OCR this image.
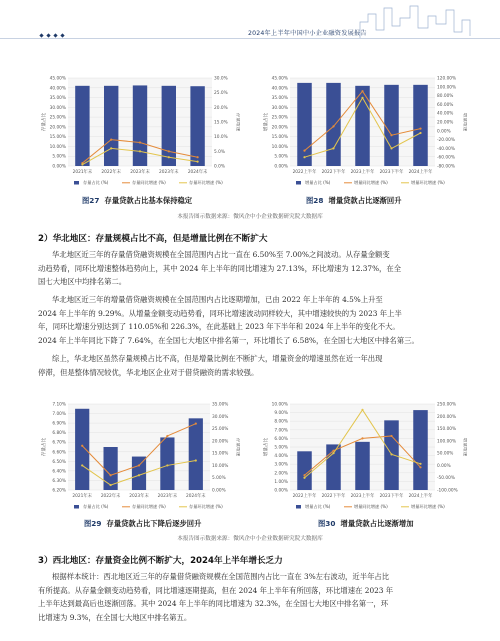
2024年上半年中国中小企业融资发展报告
0.00%
5.00%
10.00%
15.00%
20.00%
25.00%
30.00%
35.00%
40.00%
45.00%
0.0%
5.0%
10.0%
15.0%
20.0%
25.0%
30.0%
存量占比	存量增速
2021年末 2022年末 2023年末 2023年末 2024年末
存量占比 (%)	存量同比增速 (%)	存量环比增速 (%)
0.00%
5.00%
10.00%
15.00%
20.00%
25.00%
30.00%
35.00%
40.00%
45.00%
-80.00%
-60.00%
-40.00%
-20.00%
0.00%
20.00%
40.00%
60.00%
80.00%
100.00%
120.00%
增量占比	增量增速
2022上半年 2022下半年 2023上半年 2023下半年 2024上半年
增量占比 (%)	增量同比增速 (%)	增量环比增速 (%)
图27 存量贷款占比基本保持稳定	图28 增量贷款占比逐渐回升
本报告图示数据来源：微风企中小企业数据研究院大数据库
2）华北地区：存量规模占比不高，但是增量比例在不断扩大
华北地区近三年的存量借贷融资规模在全国范围内占比一直在 6.50%至 7.00%之间波动。从存量金额变
动趋势看，同环比增速整体趋势向上，其中 2024 年上半年的同比增速为 27.13%，环比增速为 12.37%，在全
国七大地区中均排名第二。
华北地区近三年的增量借贷融资规模在全国范围内占比逐期增加，已由 2022 年上半年的 4.5%上升至
2024 年上半年的 9.29%。从增量金额变动趋势看，同环比增速波动同样较大，其中增速较快的为 2023 年上半
年，同环比增速分别达到了 110.05%和 226.3%，在此基础上 2023 年下半年和 2024 年上半年的变化不大。
2024 年上半年同比下降了 7.64%，在全国七大地区中排名第一，环比增长了 6.58%，在全国七大地区中排名第三。
综上，华北地区虽然存量规模占比不高，但是增量比例在不断扩大，增量资金的增速虽然在近一年出现
停滞，但是整体情况较优，华北地区企业对于借贷融资的需求较强。
6.20%
6.30%
6.40%
6.50%
6.60%
6.70%
6.80%
6.90%
7.00%
7.10%
0.00%
5.00%
10.00%
15.00%
20.00%
25.00%
30.00%
35.00%
存量占比	存量增速
2021年末 2022年末 2023年末 2023年末 2024年末
存量占比 (%)	存量同比增速 (%)	存量环比增速 (%)
0.00%
1.00%
2.00%
3.00%
4.00%
5.00%
6.00%
7.00%
8.00%
9.00%
10.00%
-100.00%
-50.00%
0.00%
50.00%
100.00%
150.00%
200.00%
250.00%
增量占比	增量增速
2022上半年 2022下半年 2023上半年 2023下半年 2024上半年
增量占比 (%)	增量同比增速 (%)	增量环比增速 (%)
图29 存量贷款占比下降后逐步回升	图30 增量贷款占比逐渐增加
本报告图示数据来源：微风企中小企业数据研究院大数据库
3）西北地区：存量资金比例不断扩大，2024年上半年增长乏力
根据样本统计：西北地区近三年的存量借贷融资规模在全国范围内占比一直在 3%左右波动，近半年占比
有所提高。从存量金额变动趋势看，同比增速逐期提高，但在 2024 年上半年有所回落，环比增速在 2023 年
上半年达到最高后也逐渐回落。其中 2024 年上半年的同比增速为 32.3%，在全国七大地区中排名第一，环
比增速为 9.3%，在全国七大地区中排名第五。
